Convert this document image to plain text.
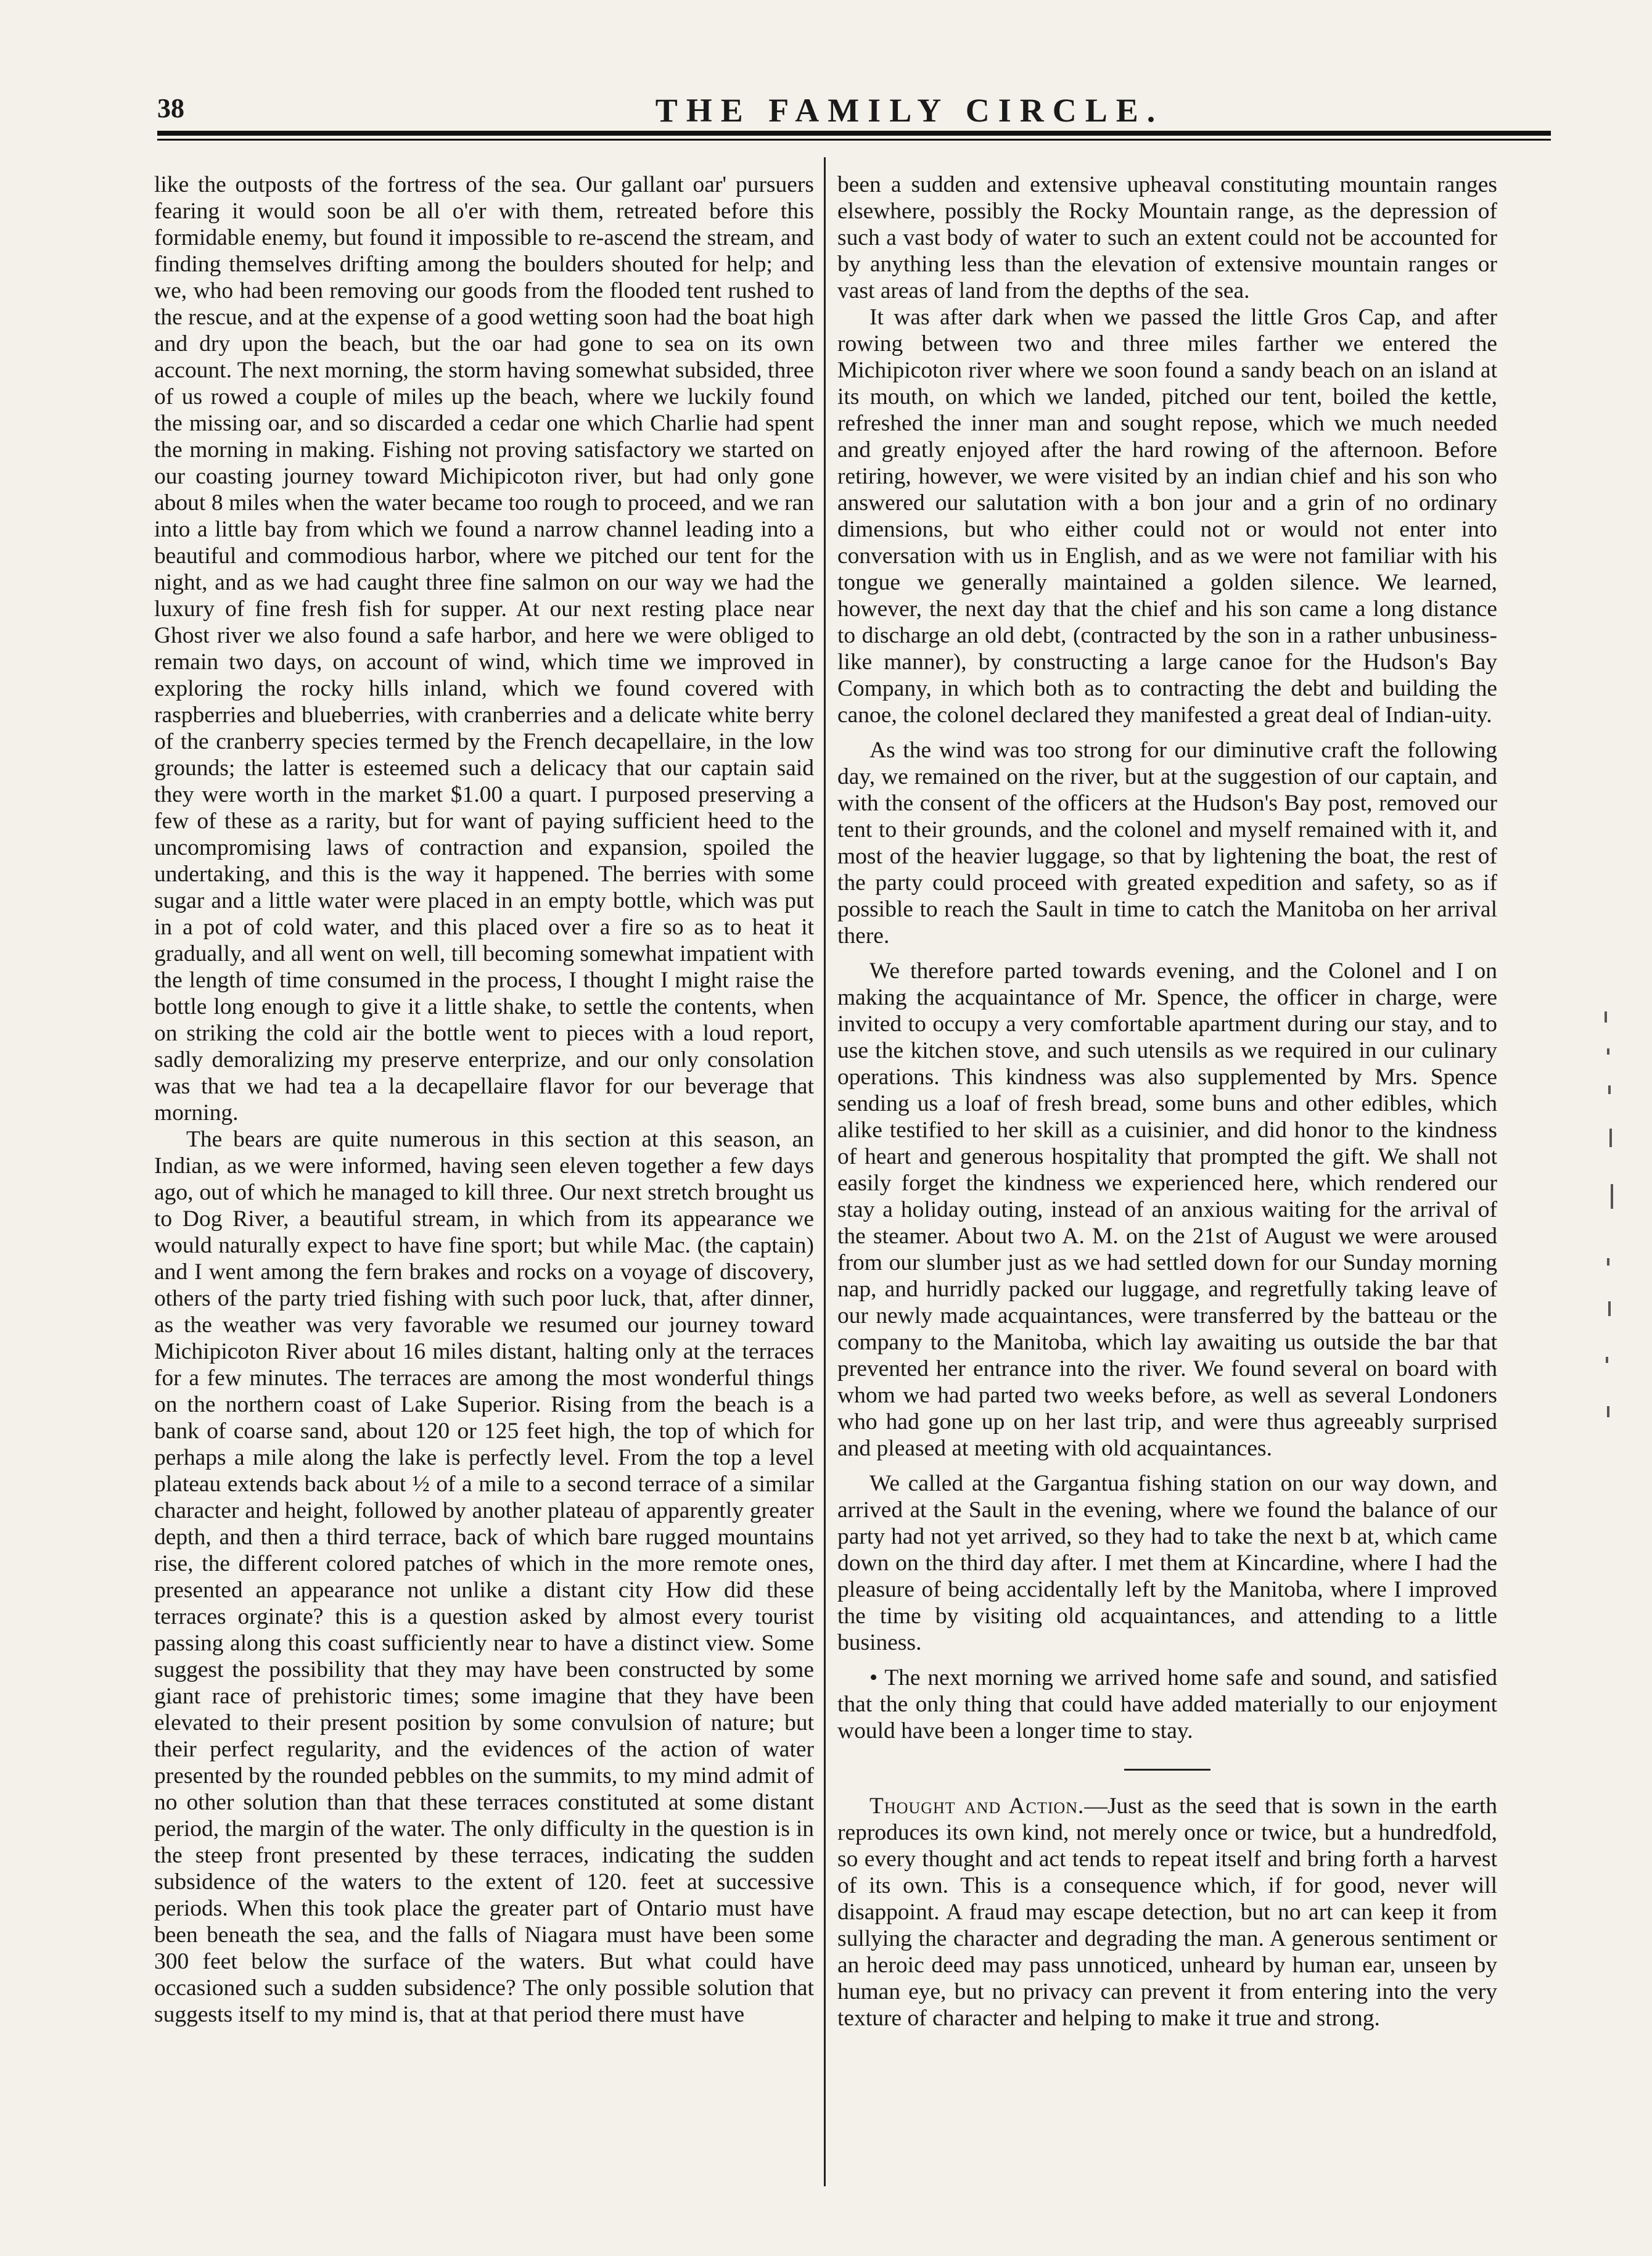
38	THE FAMILY CIRCLE.

like the outposts of the fortress of the sea. Our gallant oar' pursuers fearing it would soon be all o'er with them, retreated before this formidable enemy, but found it impossible to re-ascend the stream, and finding themselves drifting among the boulders shouted for help; and we, who had been removing our goods from the flooded tent rushed to the rescue, and at the expense of a good wetting soon had the boat high and dry upon the beach, but the oar had gone to sea on its own account. The next morning, the storm having somewhat subsided, three of us rowed a couple of miles up the beach, where we luckily found the missing oar, and so discarded a cedar one which Charlie had spent the morning in making. Fishing not proving satisfactory we started on our coasting journey toward Michipicoton river, but had only gone about 8 miles when the water became too rough to proceed, and we ran into a little bay from which we found a narrow channel leading into a beautiful and commodious harbor, where we pitched our tent for the night, and as we had caught three fine salmon on our way we had the luxury of fine fresh fish for supper. At our next resting place near Ghost river we also found a safe harbor, and here we were obliged to remain two days, on account of wind, which time we improved in exploring the rocky hills inland, which we found covered with raspberries and blueberries, with cranberries and a delicate white berry of the cranberry species termed by the French decapellaire, in the low grounds; the latter is esteemed such a delicacy that our captain said they were worth in the market $1.00 a quart. I purposed preserving a few of these as a rarity, but for want of paying sufficient heed to the uncompromising laws of contraction and expansion, spoiled the undertaking, and this is the way it happened. The berries with some sugar and a little water were placed in an empty bottle, which was put in a pot of cold water, and this placed over a fire so as to heat it gradually, and all went on well, till becoming somewhat impatient with the length of time consumed in the process, I thought I might raise the bottle long enough to give it a little shake, to settle the contents, when on striking the cold air the bottle went to pieces with a loud report, sadly demoralizing my preserve enterprize, and our only consolation was that we had tea a la decapellaire flavor for our beverage that morning.

The bears are quite numerous in this section at this season, an Indian, as we were informed, having seen eleven together a few days ago, out of which he managed to kill three. Our next stretch brought us to Dog River, a beautiful stream, in which from its appearance we would naturally expect to have fine sport; but while Mac. (the captain) and I went among the fern brakes and rocks on a voyage of discovery, others of the party tried fishing with such poor luck, that, after dinner, as the weather was very favorable we resumed our journey toward Michipicoton River about 16 miles distant, halting only at the terraces for a few minutes. The terraces are among the most wonderful things on the northern coast of Lake Superior. Rising from the beach is a bank of coarse sand, about 120 or 125 feet high, the top of which for perhaps a mile along the lake is perfectly level. From the top a level plateau extends back about ½ of a mile to a second terrace of a similar character and height, followed by another plateau of apparently greater depth, and then a third terrace, back of which bare rugged mountains rise, the different colored patches of which in the more remote ones, presented an appearance not unlike a distant city How did these terraces orginate? this is a question asked by almost every tourist passing along this coast sufficiently near to have a distinct view. Some suggest the possibility that they may have been constructed by some giant race of prehistoric times; some imagine that they have been elevated to their present position by some convulsion of nature; but their perfect regularity, and the evidences of the action of water presented by the rounded pebbles on the summits, to my mind admit of no other solution than that these terraces constituted at some distant period, the margin of the water. The only difficulty in the question is in the steep front presented by these terraces, indicating the sudden subsidence of the waters to the extent of 120. feet at successive periods. When this took place the greater part of Ontario must have been beneath the sea, and the falls of Niagara must have been some 300 feet below the surface of the waters. But what could have occasioned such a sudden subsidence? The only possible solution that suggests itself to my mind is, that at that period there must have

been a sudden and extensive upheaval constituting mountain ranges elsewhere, possibly the Rocky Mountain range, as the depression of such a vast body of water to such an extent could not be accounted for by anything less than the elevation of extensive mountain ranges or vast areas of land from the depths of the sea.

It was after dark when we passed the little Gros Cap, and after rowing between two and three miles farther we entered the Michipicoton river where we soon found a sandy beach on an island at its mouth, on which we landed, pitched our tent, boiled the kettle, refreshed the inner man and sought repose, which we much needed and greatly enjoyed after the hard rowing of the afternoon. Before retiring, however, we were visited by an indian chief and his son who answered our salutation with a bon jour and a grin of no ordinary dimensions, but who either could not or would not enter into conversation with us in English, and as we were not familiar with his tongue we generally maintained a golden silence. We learned, however, the next day that the chief and his son came a long distance to discharge an old debt, (contracted by the son in a rather unbusiness-like manner), by constructing a large canoe for the Hudson's Bay Company, in which both as to contracting the debt and building the canoe, the colonel declared they manifested a great deal of Indian-uity.

As the wind was too strong for our diminutive craft the following day, we remained on the river, but at the suggestion of our captain, and with the consent of the officers at the Hudson's Bay post, removed our tent to their grounds, and the colonel and myself remained with it, and most of the heavier luggage, so that by lightening the boat, the rest of the party could proceed with greated expedition and safety, so as if possible to reach the Sault in time to catch the Manitoba on her arrival there.

We therefore parted towards evening, and the Colonel and I on making the acquaintance of Mr. Spence, the officer in charge, were invited to occupy a very comfortable apartment during our stay, and to use the kitchen stove, and such utensils as we required in our culinary operations. This kindness was also supplemented by Mrs. Spence sending us a loaf of fresh bread, some buns and other edibles, which alike testified to her skill as a cuisinier, and did honor to the kindness of heart and generous hospitality that prompted the gift. We shall not easily forget the kindness we experienced here, which rendered our stay a holiday outing, instead of an anxious waiting for the arrival of the steamer. About two A. M. on the 21st of August we were aroused from our slumber just as we had settled down for our Sunday morning nap, and hurridly packed our luggage, and regretfully taking leave of our newly made acquaintances, were transferred by the batteau or the company to the Manitoba, which lay awaiting us outside the bar that prevented her entrance into the river. We found several on board with whom we had parted two weeks before, as well as several Londoners who had gone up on her last trip, and were thus agreeably surprised and pleased at meeting with old acquaintances.

We called at the Gargantua fishing station on our way down, and arrived at the Sault in the evening, where we found the balance of our party had not yet arrived, so they had to take the next b at, which came down on the third day after. I met them at Kincardine, where I had the pleasure of being accidentally left by the Manitoba, where I improved the time by visiting old acquaintances, and attending to a little business.

• The next morning we arrived home safe and sound, and satisfied that the only thing that could have added materially to our enjoyment would have been a longer time to stay.

Thought and Action.—Just as the seed that is sown in the earth reproduces its own kind, not merely once or twice, but a hundredfold, so every thought and act tends to repeat itself and bring forth a harvest of its own. This is a consequence which, if for good, never will disappoint. A fraud may escape detection, but no art can keep it from sullying the character and degrading the man. A generous sentiment or an heroic deed may pass unnoticed, unheard by human ear, unseen by human eye, but no privacy can prevent it from entering into the very texture of character and helping to make it true and strong.
